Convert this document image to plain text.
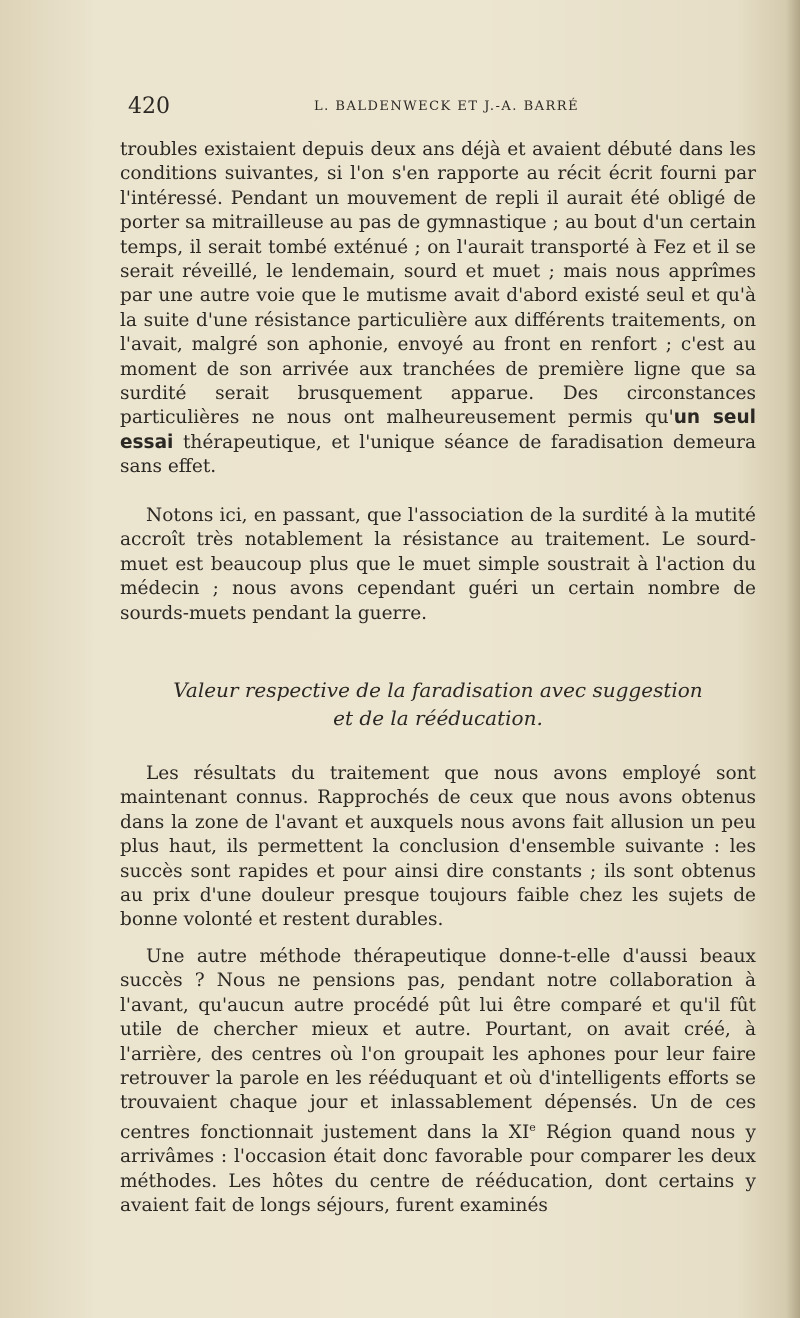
420	L. BALDENWECK ET J.-A. BARRÉ

troubles existaient depuis deux ans déjà et avaient débuté dans les conditions suivantes, si l'on s'en rapporte au récit écrit fourni par l'intéressé. Pendant un mouvement de repli il aurait été obligé de porter sa mitrailleuse au pas de gymnastique ; au bout d'un certain temps, il serait tombé exténué ; on l'aurait transporté à Fez et il se serait réveillé, le lendemain, sourd et muet ; mais nous apprîmes par une autre voie que le mutisme avait d'abord existé seul et qu'à la suite d'une résistance particulière aux différents traitements, on l'avait, malgré son aphonie, envoyé au front en renfort ; c'est au moment de son arrivée aux tranchées de première ligne que sa surdité serait brusquement apparue. Des circonstances particulières ne nous ont malheureusement permis qu'un seul essai thérapeutique, et l'unique séance de faradisation demeura sans effet.

Notons ici, en passant, que l'association de la surdité à la mutité accroît très notablement la résistance au traitement. Le sourd-muet est beaucoup plus que le muet simple soustrait à l'action du médecin ; nous avons cependant guéri un certain nombre de sourds-muets pendant la guerre.

Valeur respective de la faradisation avec suggestion
et de la rééducation.

Les résultats du traitement que nous avons employé sont maintenant connus. Rapprochés de ceux que nous avons obtenus dans la zone de l'avant et auxquels nous avons fait allusion un peu plus haut, ils permettent la conclusion d'ensemble suivante : les succès sont rapides et pour ainsi dire constants ; ils sont obtenus au prix d'une douleur presque toujours faible chez les sujets de bonne volonté et restent durables.

Une autre méthode thérapeutique donne-t-elle d'aussi beaux succès ? Nous ne pensions pas, pendant notre collaboration à l'avant, qu'aucun autre procédé pût lui être comparé et qu'il fût utile de chercher mieux et autre. Pourtant, on avait créé, à l'arrière, des centres où l'on groupait les aphones pour leur faire retrouver la parole en les rééduquant et où d'intelligents efforts se trouvaient chaque jour et inlassablement dépensés. Un de ces centres fonctionnait justement dans la XIe Région quand nous y arrivâmes : l'occasion était donc favorable pour comparer les deux méthodes. Les hôtes du centre de rééducation, dont certains y avaient fait de longs séjours, furent examinés
